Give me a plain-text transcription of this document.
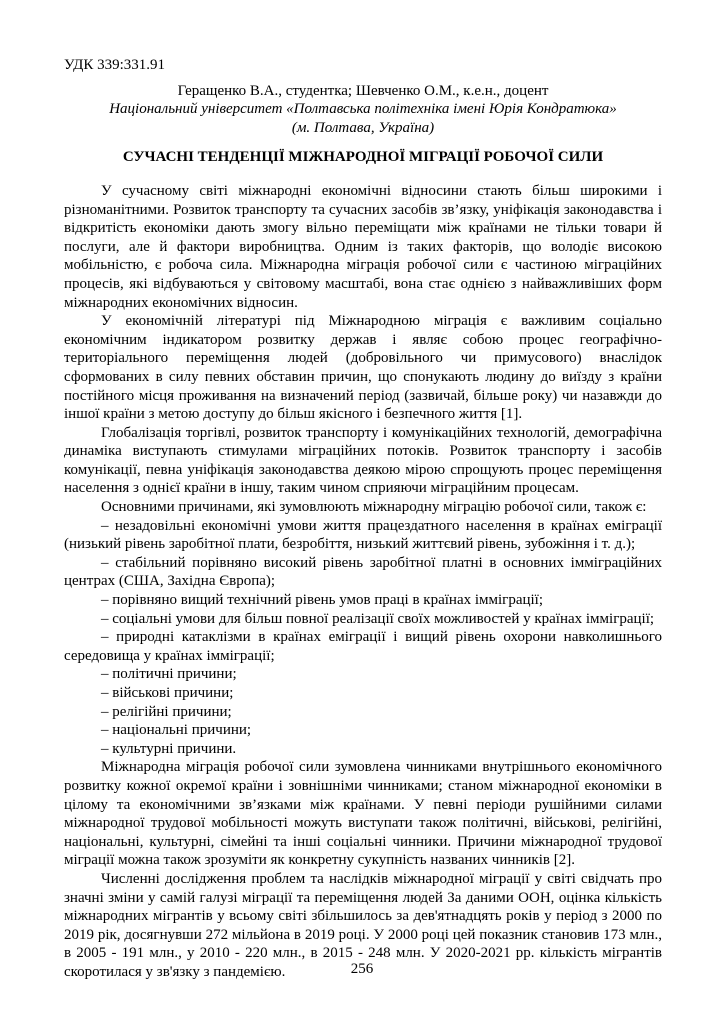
УДК 339:331.91

Геращенко В.А., студентка; Шевченко О.М., к.е.н., доцент

Національний університет «Полтавська політехніка імені Юрія Кондратюка»

(м. Полтава, Україна)

СУЧАСНІ ТЕНДЕНЦІЇ МІЖНАРОДНОЇ МІГРАЦІЇ РОБОЧОЇ СИЛИ

У сучасному світі міжнародні економічні відносини стають більш широкими і різноманітними. Розвиток транспорту та сучасних засобів зв’язку, уніфікація законодавства і відкритість економіки дають змогу вільно переміщати між країнами не тільки товари й послуги, але й фактори виробництва. Одним із таких факторів, що володіє високою мобільністю, є робоча сила. Міжнародна міграція робочої сили є частиною міграційних процесів, які відбуваються у світовому масштабі, вона стає однією з найважливіших форм міжнародних економічних відносин.

У економічній літературі під Міжнародною міграція є важливим соціально економічним індикатором розвитку держав і являє собою процес географічно-територіального переміщення людей (добровільного чи примусового) внаслідок сформованих в силу певних обставин причин, що спонукають людину до виїзду з країни постійного місця проживання на визначений період (зазвичай, більше року) чи назавжди до іншої країни з метою доступу до більш якісного і безпечного життя [1].

Глобалізація торгівлі, розвиток транспорту і комунікаційних технологій, демографічна динаміка виступають стимулами міграційних потоків. Розвиток транспорту і засобів комунікації, певна уніфікація законодавства деякою мірою спрощують процес переміщення населення з однієї країни в іншу, таким чином сприяючи міграційним процесам.

Основними причинами, які зумовлюють міжнародну міграцію робочої сили, також є:

– незадовільні економічні умови життя працездатного населення в країнах еміграції (низький рівень заробітної плати, безробіття, низький життєвий рівень, зубожіння і т. д.);

– стабільний порівняно високий рівень заробітної платні в основних імміграційних центрах (США, Західна Європа);

– порівняно вищий технічний рівень умов праці в країнах імміграції;

– соціальні умови для більш повної реалізації своїх можливостей у країнах імміграції;

– природні катаклізми в країнах еміграції і вищий рівень охорони навколишнього середовища у країнах імміграції;

– політичні причини;

– військові причини;

– релігійні причини;

– національні причини;

– культурні причини.

Міжнародна міграція робочої сили зумовлена чинниками внутрішнього економічного розвитку кожної окремої країни і зовнішніми чинниками; станом міжнародної економіки в цілому та економічними зв’язками між країнами. У певні періоди рушійними силами міжнародної трудової мобільності можуть виступати також політичні, військові, релігійні, національні, культурні, сімейні та інші соціальні чинники. Причини міжнародної трудової міграції можна також зрозуміти як конкретну сукупність названих чинників [2].

Численні дослідження проблем та наслідків міжнародної міграції у світі свідчать про значні зміни у самій галузі міграції та переміщення людей За даними ООН, оцінка кількість міжнародних мігрантів у всьому світі збільшилось за дев'ятнадцять років у період з 2000 по 2019 рік, досягнувши 272 мільйона в 2019 році. У 2000 році цей показник становив 173 млн., в 2005 - 191 млн., у 2010 - 220 млн., в 2015 - 248 млн. У 2020-2021 рр. кількість мігрантів скоротилася у зв'язку з пандемією.	256
